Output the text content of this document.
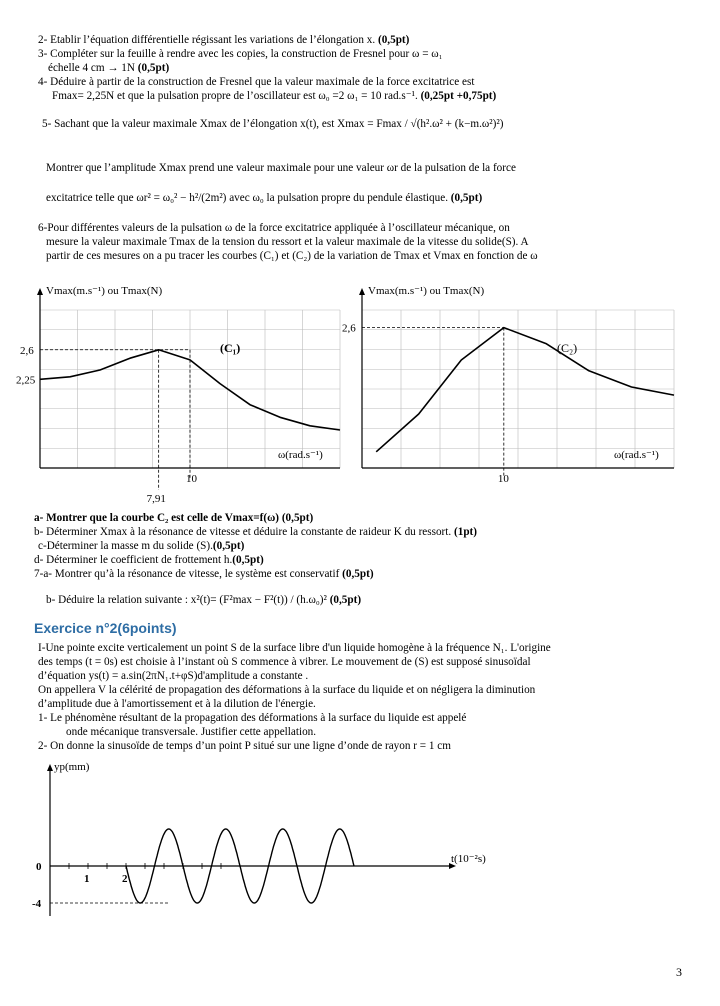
2- Etablir l’équation différentielle régissant les variations de l’élongation x. (0,5pt)
3- Compléter sur la feuille à rendre avec les copies, la construction de Fresnel pour ω = ω₁
échelle 4 cm → 1N (0,5pt)
4- Déduire à partir de la construction de Fresnel que la valeur maximale de la force excitatrice est
Fmax= 2,25N et que la pulsation propre de l’oscillateur est ω₀ =2 ω₁ = 10 rad.s⁻¹. (0,25pt +0,75pt)
5- Sachant que la valeur maximale Xmax de l’élongation x(t), est Xmax = Fmax / √(h².ω² + (k−m.ω²)²)
Montrer que l’amplitude Xmax prend une valeur maximale pour une valeur ωr de la pulsation de la force
excitatrice telle que ωr² = ω₀² − h²/(2m²) avec ω₀ la pulsation propre du pendule élastique. (0,5pt)
6-Pour différentes valeurs de la pulsation ω de la force excitatrice appliquée à l’oscillateur mécanique, on
mesure la valeur maximale Tmax de la tension du ressort et la valeur maximale de la vitesse du solide(S). A
partir de ces mesures on a pu tracer les courbes (C₁) et (C₂) de la variation de Tmax et Vmax en fonction de ω
Vmax(m.s⁻¹) ou Tmax(N)
ω(rad.s⁻¹)
(C₁)
2,6
2,25
7,91
10
Vmax(m.s⁻¹) ou Tmax(N)
ω(rad.s⁻¹)
(C₂)
2,6
10
a- Montrer que la courbe C₂ est celle de Vmax=f(ω) (0,5pt)
b- Déterminer Xmax à la résonance de vitesse et déduire la constante de raideur K du ressort. (1pt)
c-Déterminer la masse m du solide (S).(0,5pt)
d- Déterminer le coefficient de frottement h.(0,5pt)
7-a- Montrer qu’à la résonance de vitesse, le système est conservatif (0,5pt)
b- Déduire la relation suivante : x²(t)= (F²max − F²(t)) / (h.ω₀)² (0,5pt)
Exercice n°2(6points)
I-Une pointe excite verticalement un point S de la surface libre d'un liquide homogène à la fréquence N₁. L'origine
des temps (t = 0s) est choisie à l’instant où S commence à vibrer. Le mouvement de (S) est supposé sinusoïdal
d’équation ys(t) = a.sin(2πN₁.t+φS)d'amplitude a constante .
On appellera V la célérité de propagation des déformations à la surface du liquide et on négligera la diminution
d’amplitude due à l'amortissement et à la dilution de l'énergie.
1- Le phénomène résultant de la propagation des déformations à la surface du liquide est appelé
onde mécanique transversale. Justifier cette appellation.
2- On donne la sinusoïde de temps d’un point P situé sur une ligne d’onde de rayon r = 1 cm
yp(mm)
t(10⁻²s)
1	2
0
-4
3
